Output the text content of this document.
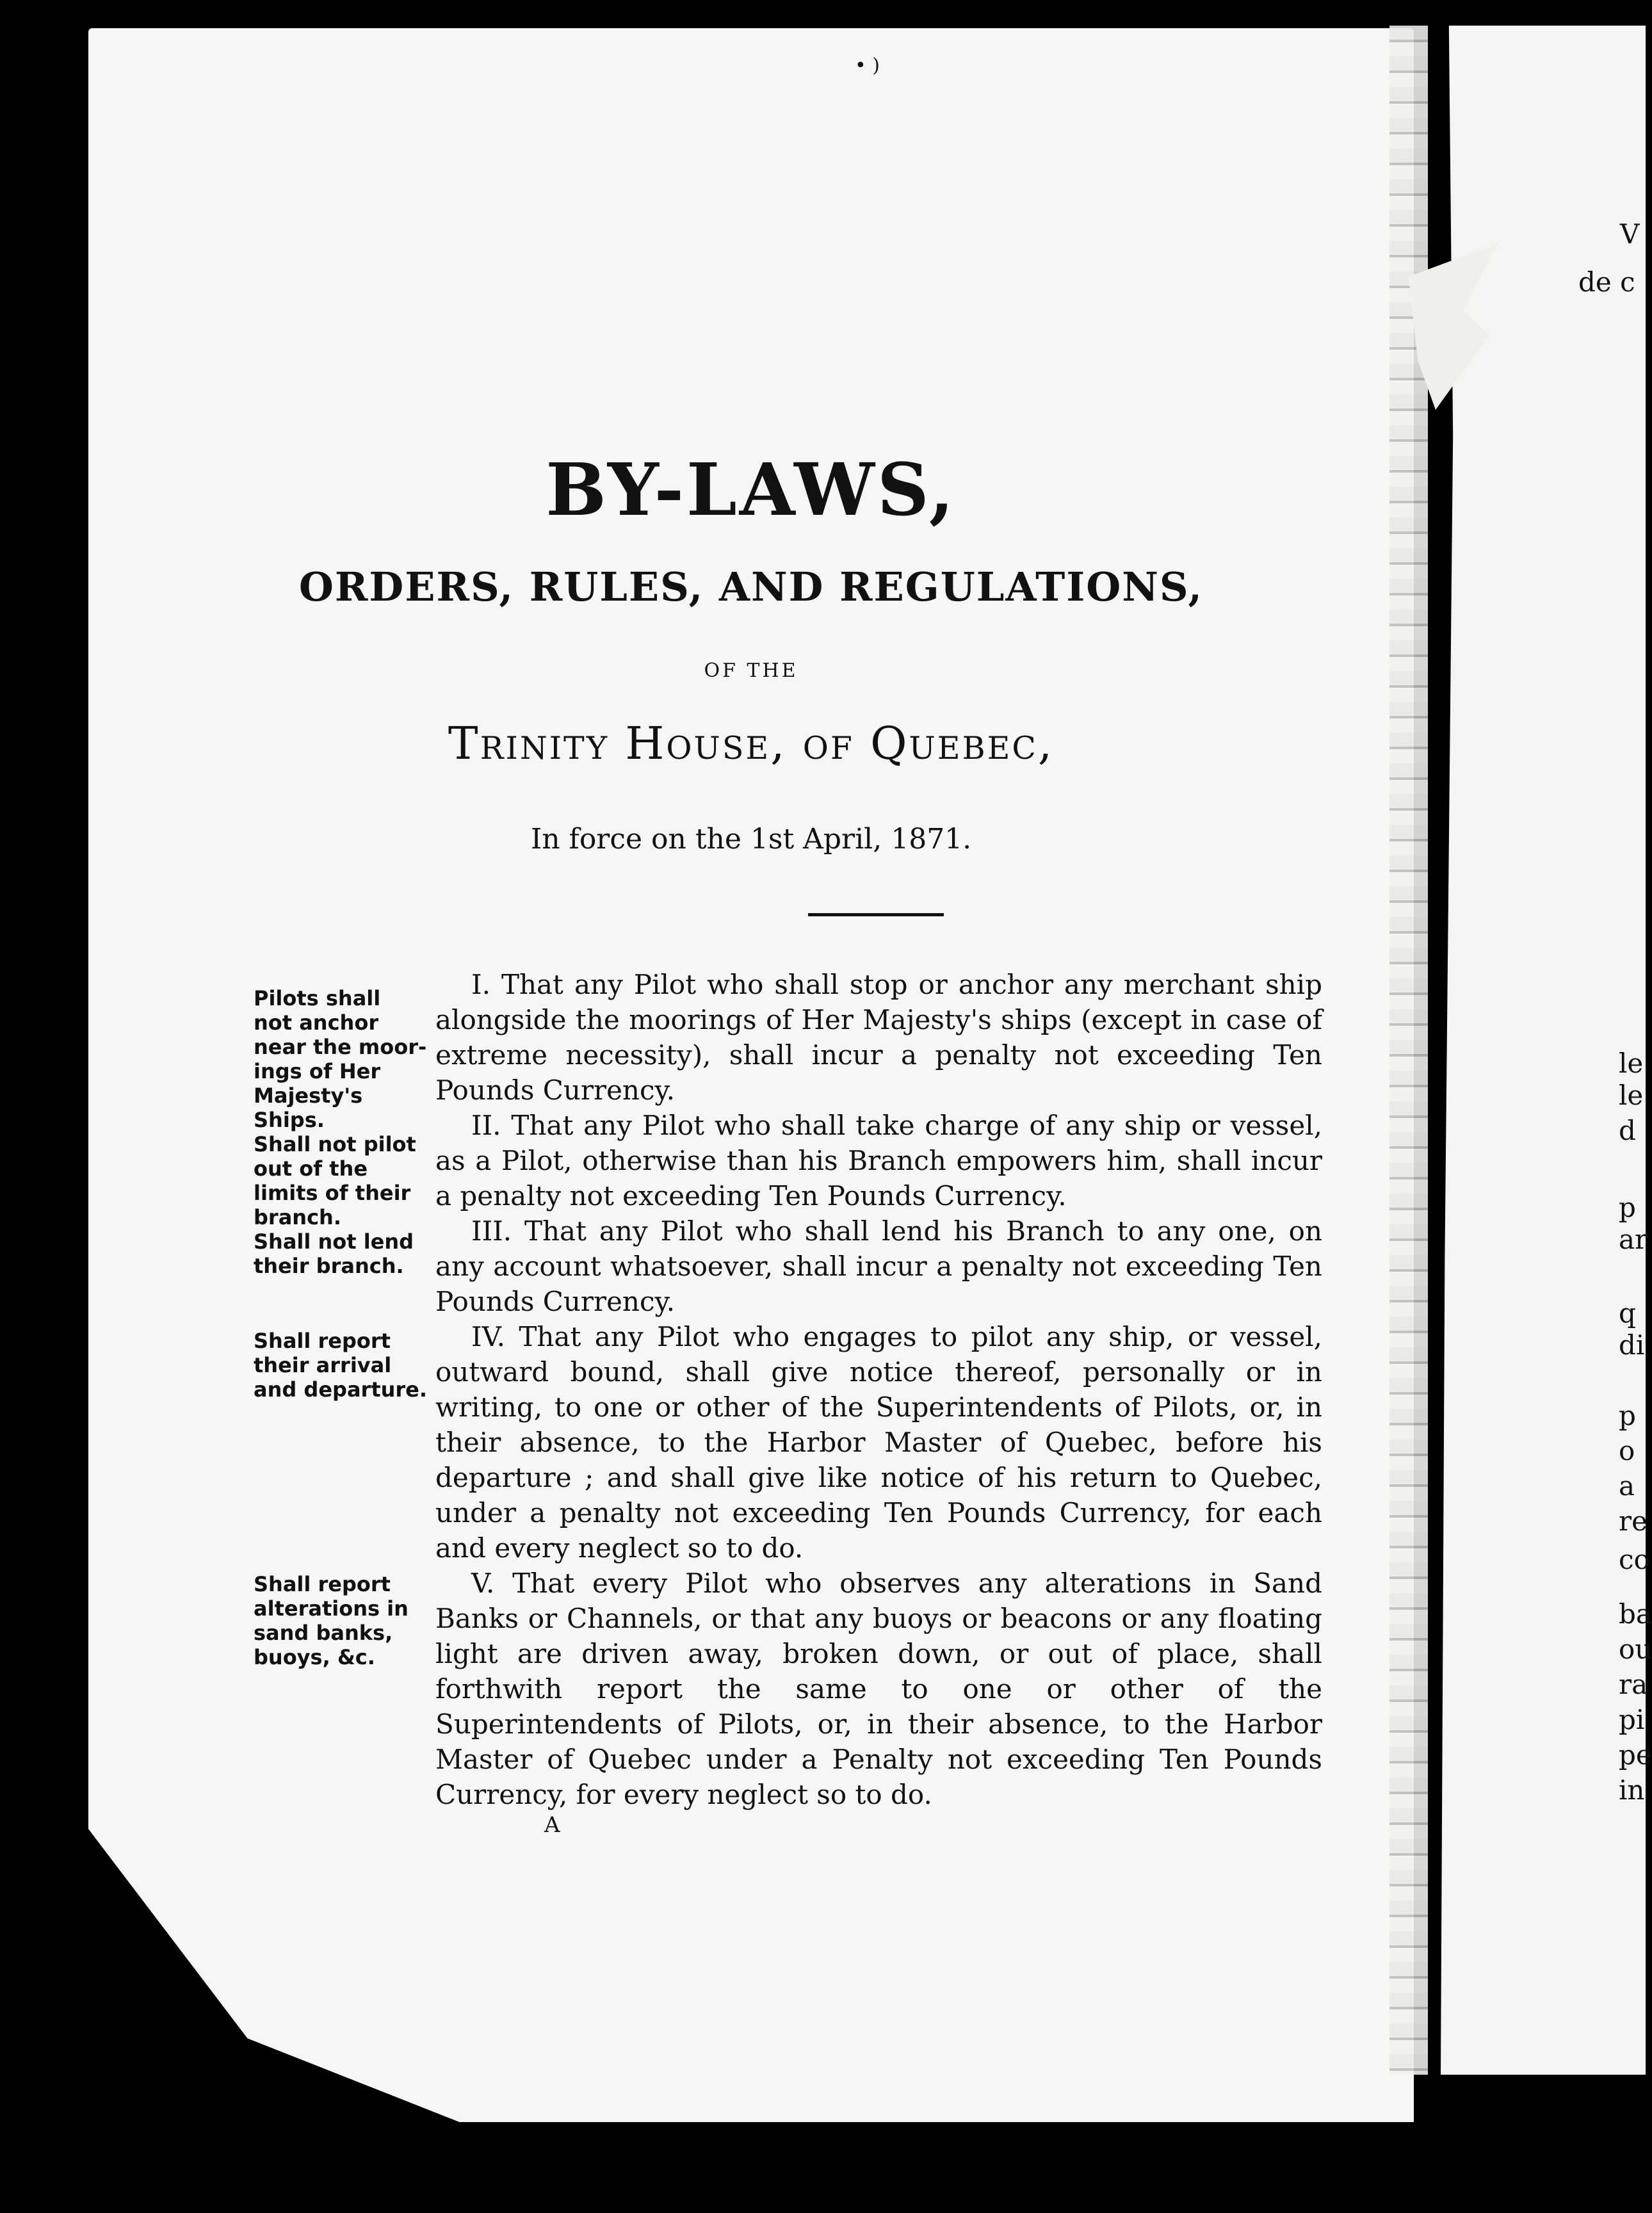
V
de c
le
le
d
p
ar
q
di
p
o
a
re
co
ba
ou
ra
pi
pe
in
• )
BY-LAWS,
ORDERS, RULES, AND REGULATIONS,
OF THE
Trinity House, of Quebec,
In force on the 1st April, 1871.
Pilots shall
not anchor
near the moor-
ings of Her
Majesty's
Ships.
Shall not pilot
out of the
limits of their
branch.
Shall not lend
their branch.
Shall report
their arrival
and departure.
Shall report
alterations in
sand banks,
buoys, &c.

I. That any Pilot who shall stop or anchor any merchant ship alongside the moorings of Her Majesty's ships (except in case of extreme necessity), shall incur a penalty not exceeding Ten Pounds Currency.

II. That any Pilot who shall take charge of any ship or vessel, as a Pilot, otherwise than his Branch empowers him, shall incur a penalty not exceeding Ten Pounds Currency.

III. That any Pilot who shall lend his Branch to any one, on any account whatsoever, shall incur a penalty not exceeding Ten Pounds Currency.

IV. That any Pilot who engages to pilot any ship, or vessel, outward bound, shall give notice thereof, personally or in writing, to one or other of the Superintendents of Pilots, or, in their absence, to the Harbor Master of Quebec, before his departure ; and shall give like notice of his return to Quebec, under a penalty not exceeding Ten Pounds Currency, for each and every neglect so to do.

V. That every Pilot who observes any alterations in Sand Banks or Channels, or that any buoys or beacons or any floating light are driven away, broken down, or out of place, shall forthwith report the same to one or other of the Superintendents of Pilots, or, in their absence, to the Harbor Master of Quebec under a Penalty not exceeding Ten Pounds Currency, for every neglect so to do.

A
